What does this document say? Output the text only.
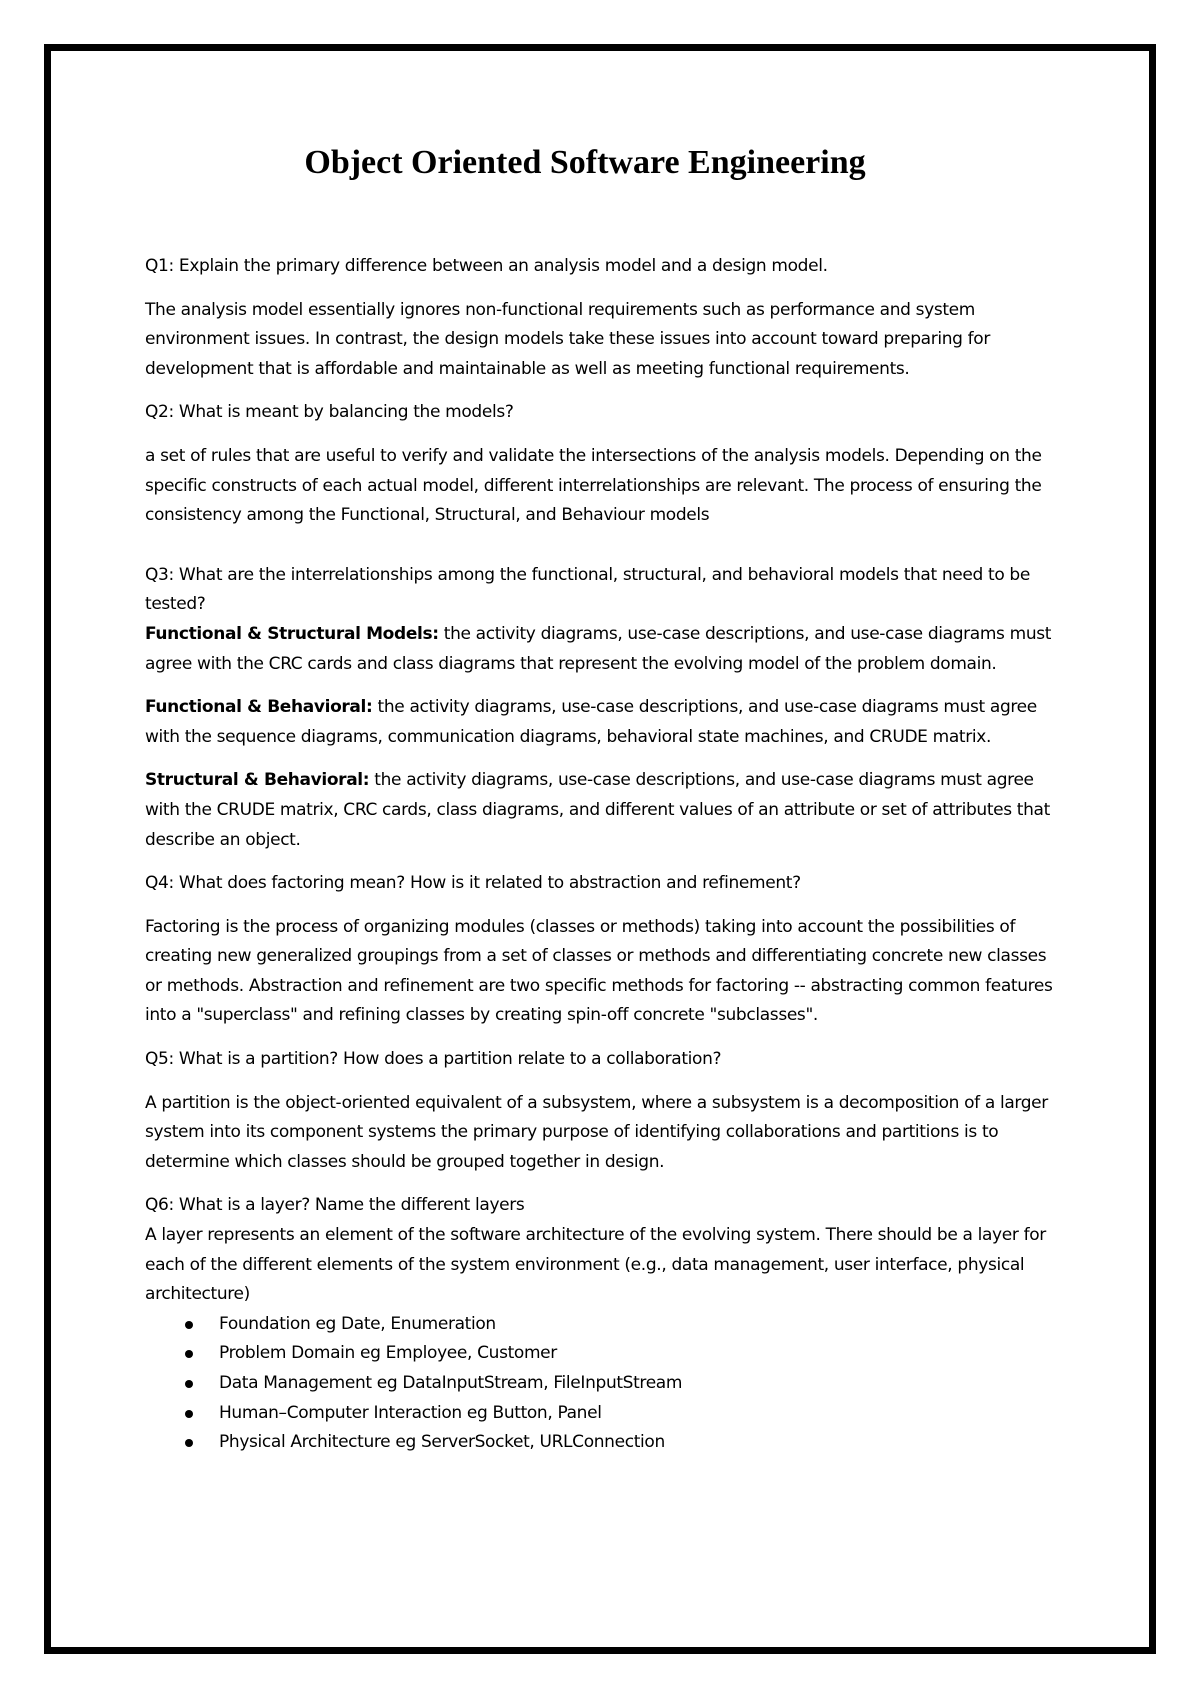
Object Oriented Software Engineering

Q1: Explain the primary difference between an analysis model and a design model.

The analysis model essentially ignores non-functional requirements such as performance and system environment issues. In contrast, the design models take these issues into account toward preparing for development that is affordable and maintainable as well as meeting functional requirements.

Q2: What is meant by balancing the models?

a set of rules that are useful to verify and validate the intersections of the analysis models. Depending on the specific constructs of each actual model, different interrelationships are relevant. The process of ensuring the consistency among the Functional, Structural, and Behaviour models

Q3: What are the interrelationships among the functional, structural, and behavioral models that need to be tested?

Functional & Structural Models: the activity diagrams, use-case descriptions, and use-case diagrams must agree with the CRC cards and class diagrams that represent the evolving model of the problem domain.

Functional & Behavioral: the activity diagrams, use-case descriptions, and use-case diagrams must agree with the sequence diagrams, communication diagrams, behavioral state machines, and CRUDE matrix.

Structural & Behavioral: the activity diagrams, use-case descriptions, and use-case diagrams must agree with the CRUDE matrix, CRC cards, class diagrams, and different values of an attribute or set of attributes that describe an object.

Q4: What does factoring mean? How is it related to abstraction and refinement?

Factoring is the process of organizing modules (classes or methods) taking into account the possibilities of creating new generalized groupings from a set of classes or methods and differentiating concrete new classes or methods. Abstraction and refinement are two specific methods for factoring -- abstracting common features into a "superclass" and refining classes by creating spin-off concrete "subclasses".

Q5: What is a partition? How does a partition relate to a collaboration?

A partition is the object-oriented equivalent of a subsystem, where a subsystem is a decomposition of a larger system into its component systems the primary purpose of identifying collaborations and partitions is to determine which classes should be grouped together in design.

Q6: What is a layer? Name the different layers

A layer represents an element of the software architecture of the evolving system. There should be a layer for each of the different elements of the system environment (e.g., data management, user interface, physical architecture)

Foundation eg Date, Enumeration
Problem Domain eg Employee, Customer
Data Management eg DataInputStream, FileInputStream
Human–Computer Interaction eg Button, Panel
Physical Architecture eg ServerSocket, URLConnection
